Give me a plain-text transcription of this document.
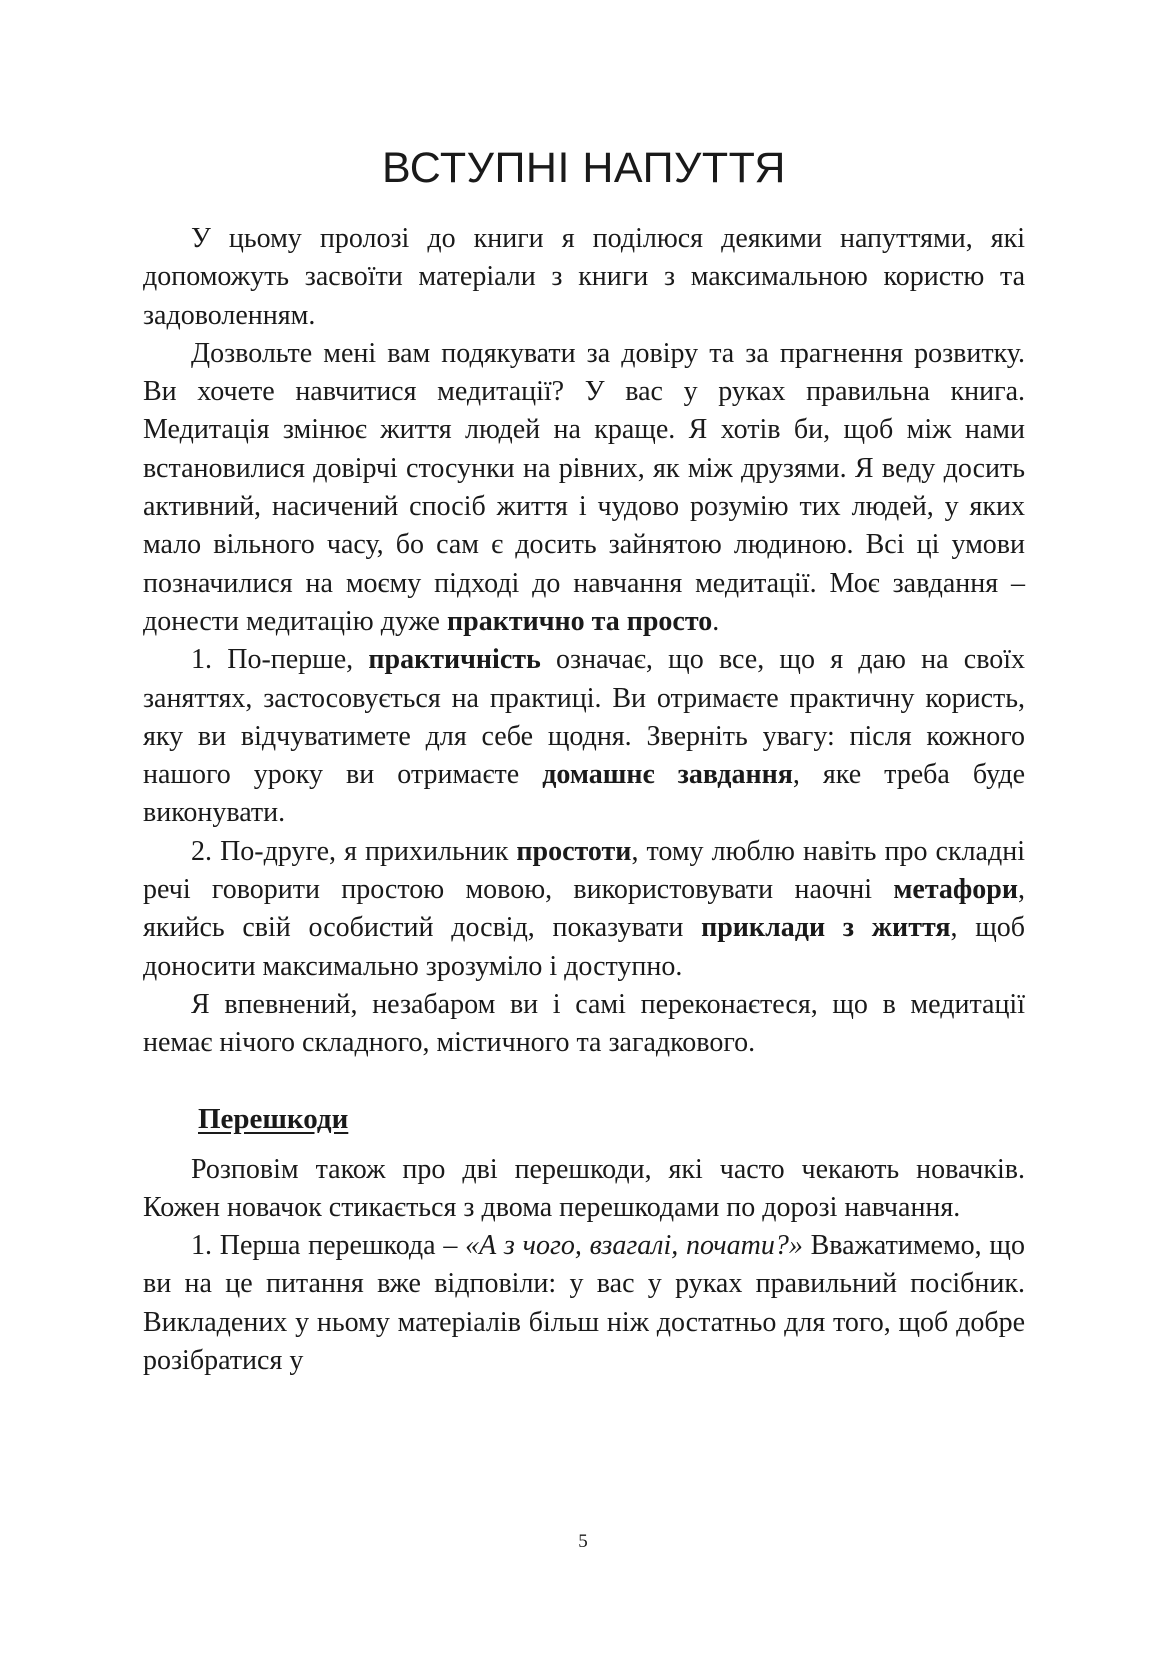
ВСТУПНІ НАПУТТЯ

У цьому пролозі до книги я поділюся деякими напуттями, які допоможуть засвоїти матеріали з книги з максимальною користю та задоволенням.

Дозвольте мені вам подякувати за довіру та за прагнення розвитку. Ви хочете навчитися медитації? У вас у руках правильна книга. Медитація змінює життя людей на краще. Я хотів би, щоб між нами встановилися довірчі стосунки на рівних, як між друзями. Я веду досить активний, насичений спосіб життя і чудово розумію тих людей, у яких мало вільного часу, бо сам є досить зайнятою людиною. Всі ці умови позначилися на моєму підході до навчання медитації. Моє завдання – донести медитацію дуже практично та просто.

1. По-перше, практичність означає, що все, що я даю на своїх заняттях, застосовується на практиці. Ви отримаєте практичну користь, яку ви відчуватимете для себе щодня. Зверніть увагу: після кожного нашого уроку ви отримаєте домашнє завдання, яке треба буде виконувати.

2. По-друге, я прихильник простоти, тому люблю навіть про складні речі говорити простою мовою, використовувати наочні метафори, якийсь свій особистий досвід, показувати приклади з життя, щоб доносити максимально зрозуміло і доступно.

Я впевнений, незабаром ви і самі переконаєтеся, що в медитації немає нічого складного, містичного та загадкового.

Перешкоди

Розповім також про дві перешкоди, які часто чекають новачків. Кожен новачок стикається з двома перешкодами по дорозі навчання.

1. Перша перешкода – «А з чого, взагалі, почати?» Вважатимемо, що ви на це питання вже відповіли: у вас у руках правильний посібник. Викладених у ньому матеріалів більш ніж достатньо для того, щоб добре розібратися у

5
